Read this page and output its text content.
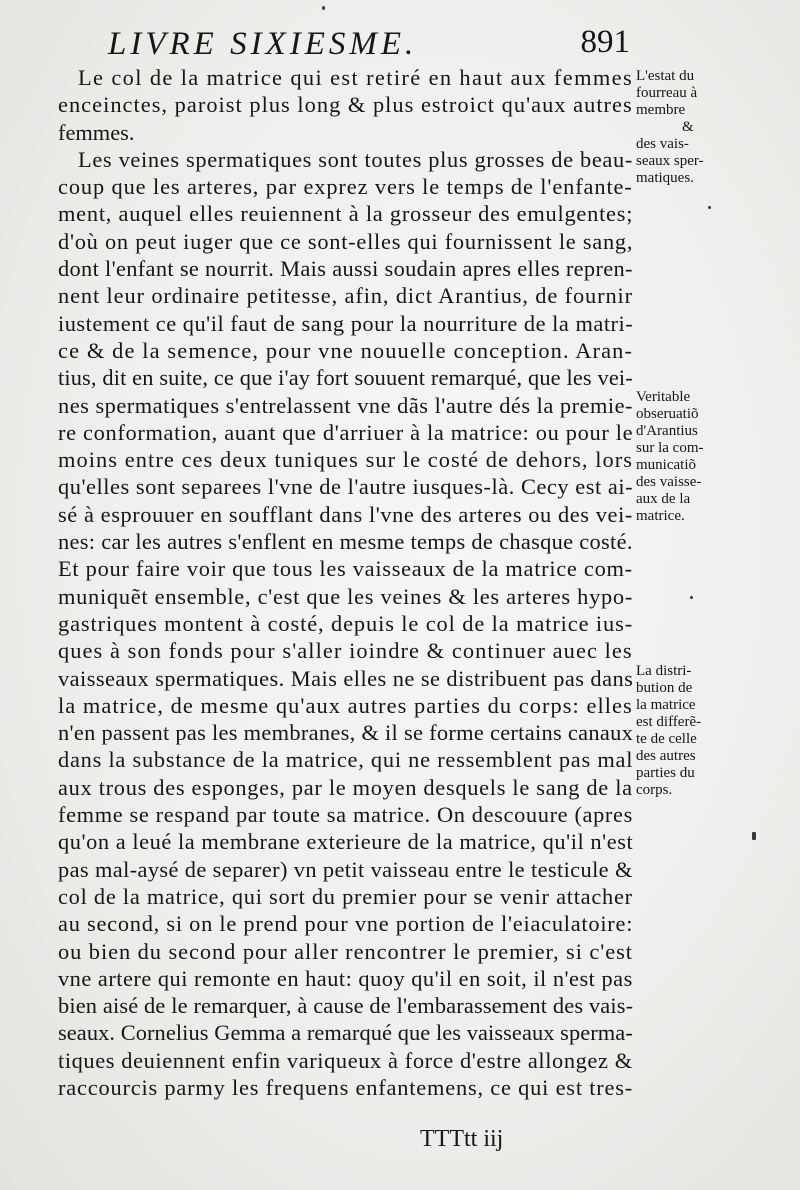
LIVRE SIXIESME.	891
Le col de la matrice qui est retiré en haut aux femmes
enceinctes, paroist plus long & plus estroict qu'aux autres
femmes.
Les veines spermatiques sont toutes plus grosses de beau-
coup que les arteres, par exprez vers le temps de l'enfante-
ment, auquel elles reuiennent à la grosseur des emulgentes;
d'où on peut iuger que ce sont-elles qui fournissent le sang,
dont l'enfant se nourrit. Mais aussi soudain apres elles repren-
nent leur ordinaire petitesse, afin, dict Arantius, de fournir
iustement ce qu'il faut de sang pour la nourriture de la matri-
ce & de la semence, pour vne nouuelle conception. Aran-
tius, dit en suite, ce que i'ay fort souuent remarqué, que les vei-
nes spermatiques s'entrelassent vne dãs l'autre dés la premie-
re conformation, auant que d'arriuer à la matrice: ou pour le
moins entre ces deux tuniques sur le costé de dehors, lors
qu'elles sont separees l'vne de l'autre iusques-là. Cecy est ai-
sé à esprouuer en soufflant dans l'vne des arteres ou des vei-
nes: car les autres s'enflent en mesme temps de chasque costé.
Et pour faire voir que tous les vaisseaux de la matrice com-
muniquẽt ensemble, c'est que les veines & les arteres hypo-
gastriques montent à costé, depuis le col de la matrice ius-
ques à son fonds pour s'aller ioindre & continuer auec les
vaisseaux spermatiques. Mais elles ne se distribuent pas dans
la matrice, de mesme qu'aux autres parties du corps: elles
n'en passent pas les membranes, & il se forme certains canaux
dans la substance de la matrice, qui ne ressemblent pas mal
aux trous des esponges, par le moyen desquels le sang de la
femme se respand par toute sa matrice. On descouure (apres
qu'on a leué la membrane exterieure de la matrice, qu'il n'est
pas mal-aysé de separer) vn petit vaisseau entre le testicule &
col de la matrice, qui sort du premier pour se venir attacher
au second, si on le prend pour vne portion de l'eiaculatoire:
ou bien du second pour aller rencontrer le premier, si c'est
vne artere qui remonte en haut: quoy qu'il en soit, il n'est pas
bien aisé de le remarquer, à cause de l'embarassement des vais-
seaux. Cornelius Gemma a remarqué que les vaisseaux sperma-
tiques deuiennent enfin variqueux à force d'estre allongez &
raccourcis parmy les frequens enfantemens, ce qui est tres-
L'estat du
fourreau à
membre
&
des vais-
seaux sper-
matiques.
Veritable
obseruatiõ
d'Arantius
sur la com-
municatiõ
des vaisse-
aux de la
matrice.
La distri-
bution de
la matrice
est differẽ-
te de celle
des autres
parties du
corps.
TTTtt iij
